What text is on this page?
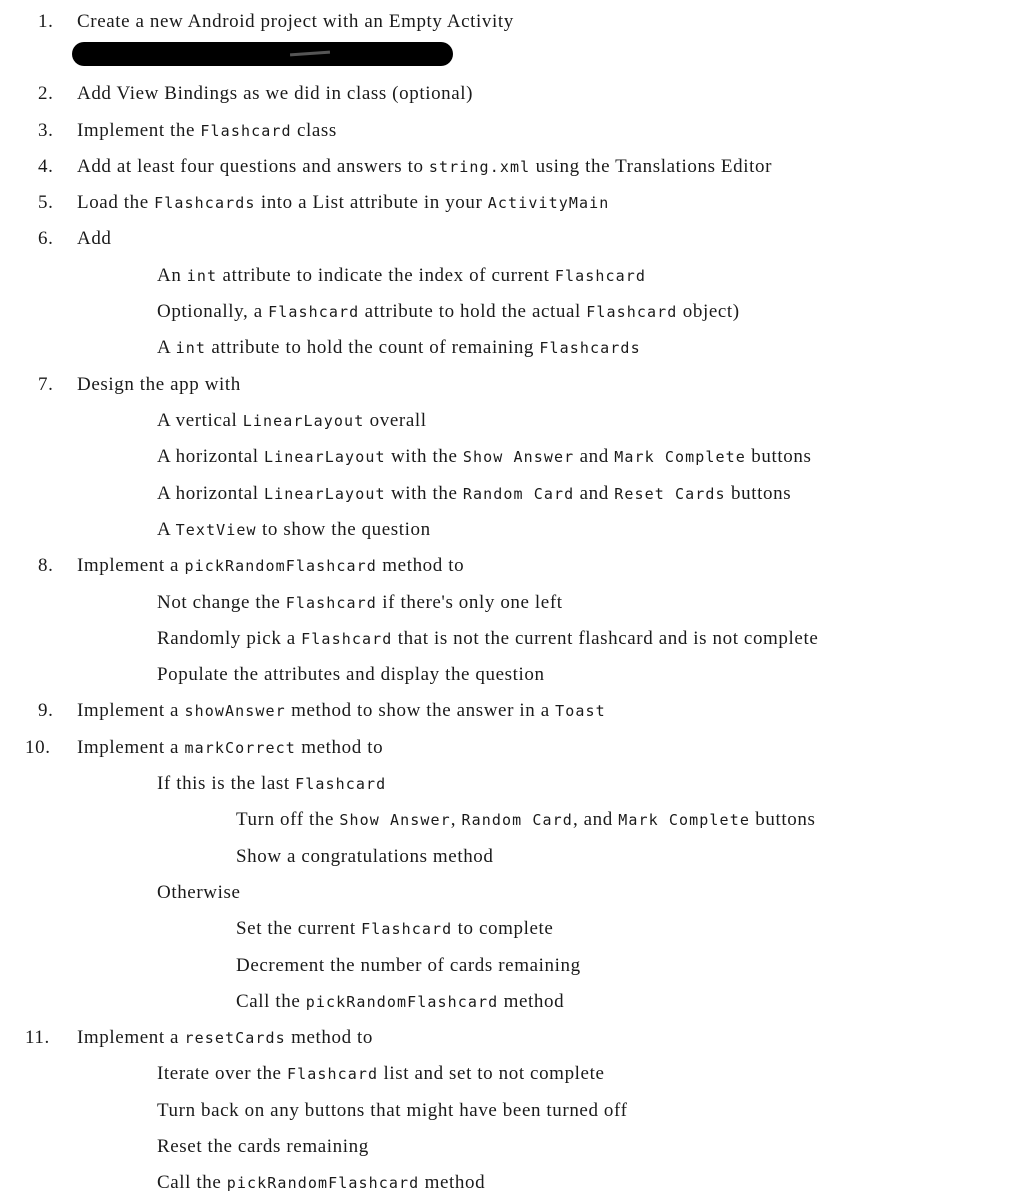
1. Create a new Android project with an Empty Activity
2. Add View Bindings as we did in class (optional)
3. Implement the Flashcard class
4. Add at least four questions and answers to string.xml using the Translations Editor
5. Load the Flashcards into a List attribute in your ActivityMain
6. Add
An int attribute to indicate the index of current Flashcard
Optionally, a Flashcard attribute to hold the actual Flashcard object)
A int attribute to hold the count of remaining Flashcards
7. Design the app with
A vertical LinearLayout overall
A horizontal LinearLayout with the Show Answer and Mark Complete buttons
A horizontal LinearLayout with the Random Card and Reset Cards buttons
A TextView to show the question
8. Implement a pickRandomFlashcard method to
Not change the Flashcard if there's only one left
Randomly pick a Flashcard that is not the current flashcard and is not complete
Populate the attributes and display the question
9. Implement a showAnswer method to show the answer in a Toast
10. Implement a markCorrect method to
If this is the last Flashcard
Turn off the Show Answer, Random Card, and Mark Complete buttons
Show a congratulations method
Otherwise
Set the current Flashcard to complete
Decrement the number of cards remaining
Call the pickRandomFlashcard method
11. Implement a resetCards method to
Iterate over the Flashcard list and set to not complete
Turn back on any buttons that might have been turned off
Reset the cards remaining
Call the pickRandomFlashcard method
